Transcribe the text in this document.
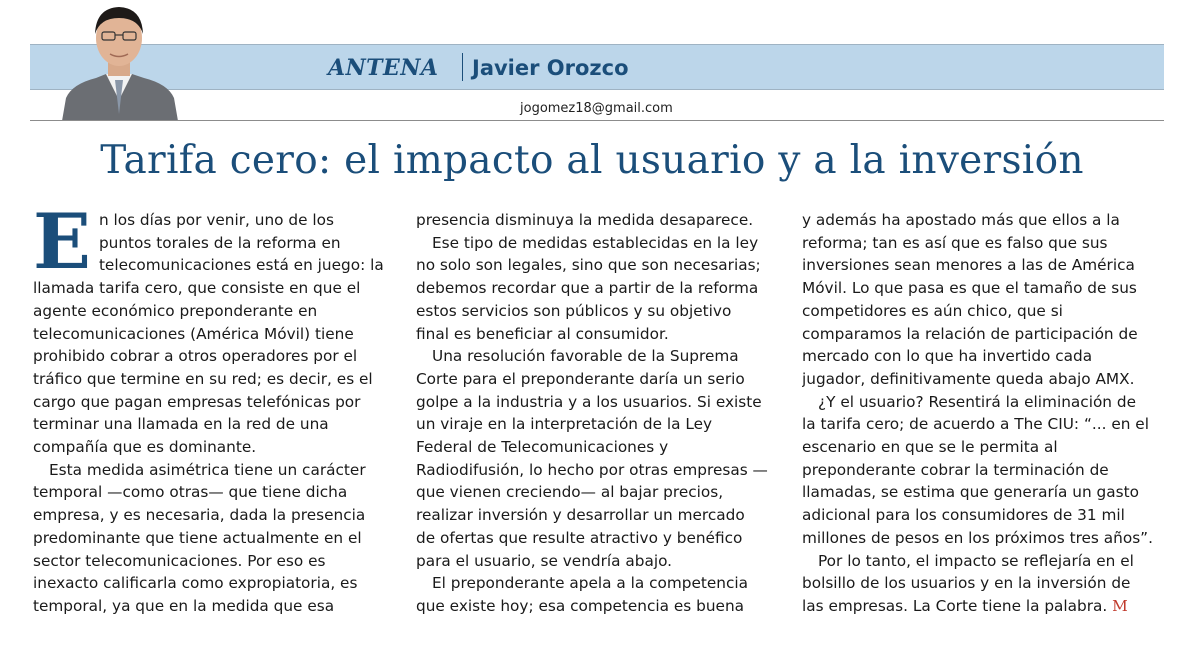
ANTENA Javier Orozco
jogomez18@gmail.com
Tarifa cero: el impacto al usuario y a la inversión

En los días por venir, uno de los puntos torales de la reforma en telecomunicaciones está en juego: la llamada tarifa cero, que consiste en que el agente económico preponderante en telecomunicaciones (América Móvil) tiene prohibido cobrar a otros operadores por el tráfico que termine en su red; es decir, es el cargo que pagan empresas telefónicas por terminar una llamada en la red de una compañía que es dominante.

Esta medida asimétrica tiene un carácter temporal —como otras— que tiene dicha empresa, y es necesaria, dada la presencia predominante que tiene actualmente en el sector telecomunicaciones. Por eso es inexacto calificarla como expropiatoria, es temporal, ya que en la medida que esa

presencia disminuya la medida desaparece.

Ese tipo de medidas establecidas en la ley no solo son legales, sino que son necesarias; debemos recordar que a partir de la reforma estos servicios son públicos y su objetivo final es beneficiar al consumidor.

Una resolución favorable de la Suprema Corte para el preponderante daría un serio golpe a la industria y a los usuarios. Si existe un viraje en la interpretación de la Ley Federal de Telecomunicaciones y Radiodifusión, lo hecho por otras empresas —que vienen creciendo— al bajar precios, realizar inversión y desarrollar un mercado de ofertas que resulte atractivo y benéfico para el usuario, se vendría abajo.

El preponderante apela a la competencia que existe hoy; esa competencia es buena

y además ha apostado más que ellos a la reforma; tan es así que es falso que sus inversiones sean menores a las de América Móvil. Lo que pasa es que el tamaño de sus competidores es aún chico, que si comparamos la relación de participación de mercado con lo que ha invertido cada jugador, definitivamente queda abajo AMX.

¿Y el usuario? Resentirá la eliminación de la tarifa cero; de acuerdo a The CIU: “... en el escenario en que se le permita al preponderante cobrar la terminación de llamadas, se estima que generaría un gasto adicional para los consumidores de 31 mil millones de pesos en los próximos tres años”.

Por lo tanto, el impacto se reflejaría en el bolsillo de los usuarios y en la inversión de las empresas. La Corte tiene la palabra. M
